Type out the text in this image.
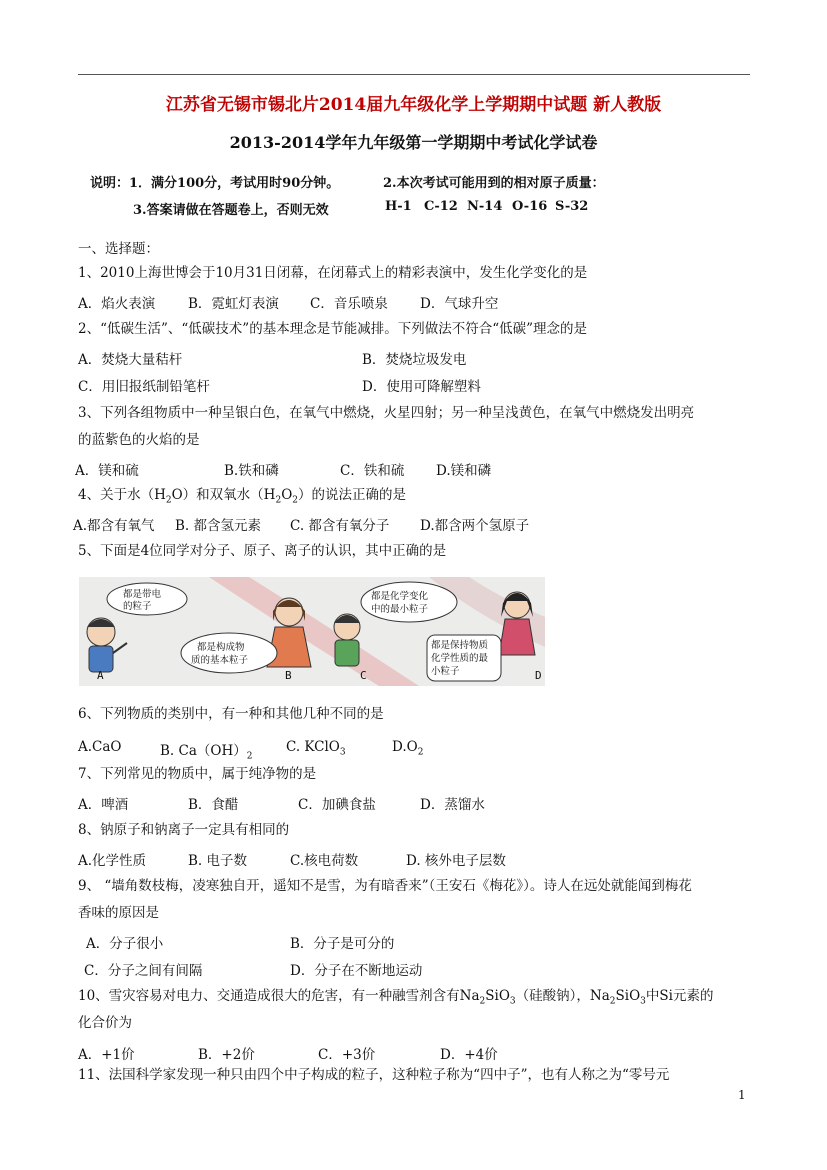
江苏省无锡市锡北片2014届九年级化学上学期期中试题 新人教版
2013-2014学年九年级第一学期期中考试化学试卷
说明：1．满分100分，考试用时90分钟。	2.本次考试可能用到的相对原子质量：
3.答案请做在答题卷上，否则无效	H-1 C-12 N-14 O-16 S-32
一、选择题：
1、2010上海世博会于10月31日闭幕，在闭幕式上的精彩表演中，发生化学变化的是
A．焰火表演 B．霓虹灯表演 C．音乐喷泉 D．气球升空
2、“低碳生活”、“低碳技术”的基本理念是节能减排。下列做法不符合“低碳”理念的是
A．焚烧大量秸杆	B．焚烧垃圾发电
C．用旧报纸制铅笔杆	D．使用可降解塑料
3、下列各组物质中一种呈银白色，在氧气中燃烧，火星四射；另一种呈浅黄色，在氧气中燃烧发出明亮
的蓝紫色的火焰的是
A．镁和硫	B.铁和磷	C．铁和硫 D.镁和磷
4、关于水$(H_2O)$和双氧水$(H_2O_2)$的说法正确的是
A.都含有氧气 B. 都含氢元素 C. 都含有氧分子 D.都含两个氢原子
5、下面是4位同学对分子、原子、离子的认识，其中正确的是
都是带电
的粒子
都是构成物
质的基本粒子
都是化学变化
中的最小粒子
都是保持物质
化学性质的最
小粒子
A	B	C	D
6、下列物质的类别中，有一种和其他几种不同的是
A.CaO	B. $Ca(OH)_2$
C. KClO$_3$	$D.O_2$
7、下列常见的物质中，属于纯净物的是
A．啤酒	B．食醋	C．加碘食盐	D．蒸馏水
8、钠原子和钠离子一定具有相同的
A.化学性质	B. 电子数	C.核电荷数	D. 核外电子层数
9、 “墙角数枝梅，凌寒独自开，遥知不是雪，为有暗香来”（王安石《梅花》）。诗人在远处就能闻到梅花
香味的原因是
A．分子很小	B．分子是可分的
C．分子之间有间隔	D．分子在不断地运动
10、雪灾容易对电力、交通造成很大的危害，有一种融雪剂含有$Na_2SiO_3$（硅酸钠），$Na_2SiO_3$中Si元素的
化合价为
A．+1价	B．+2价	C．+3价	D．+4价
11、法国科学家发现一种只由四个中子构成的粒子，这种粒子称为“四中子”，也有人称之为“零号元
1
